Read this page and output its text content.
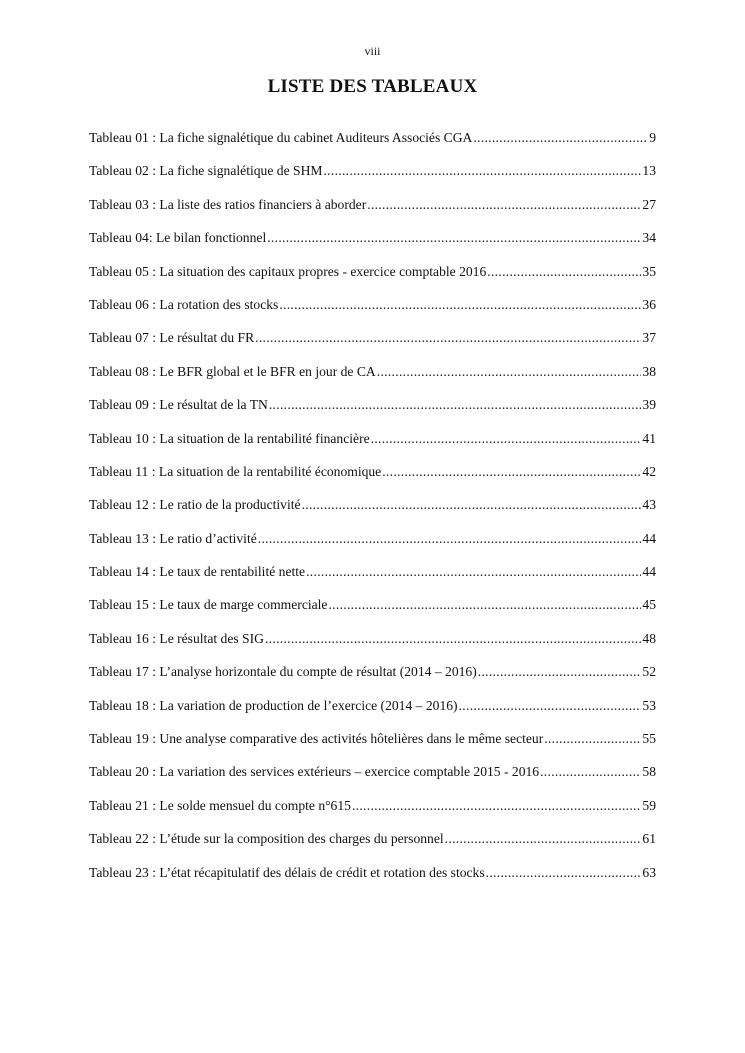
viii
LISTE DES TABLEAUX
Tableau 01 : La fiche signalétique du cabinet Auditeurs Associés CGA .....	9
Tableau 02 : La fiche signalétique de SHM .....	13
Tableau 03 : La liste des ratios financiers à aborder .....	27
Tableau 04: Le bilan fonctionnel .....	34
Tableau 05 : La situation des capitaux propres - exercice comptable 2016 .....	35
Tableau 06 : La rotation des stocks .....	36
Tableau 07 : Le résultat du FR .....	37
Tableau 08 : Le BFR global et le BFR en jour de CA .....	38
Tableau 09 : Le résultat de la TN .....	39
Tableau 10 : La situation de la rentabilité financière .....	41
Tableau 11 : La situation de la rentabilité économique .....	42
Tableau 12 : Le ratio de la productivité .....	43
Tableau 13 : Le ratio d’activité .....	44
Tableau 14 : Le taux de rentabilité nette .....	44
Tableau 15 : Le taux de marge commerciale .....	45
Tableau 16 : Le résultat des SIG .....	48
Tableau 17 : L’analyse horizontale du compte de résultat (2014 – 2016) .....	52
Tableau 18 : La variation de production de l’exercice (2014 – 2016) .....	53
Tableau 19 : Une analyse comparative des activités hôtelières dans le même secteur .....	55
Tableau 20 : La variation des services extérieurs – exercice comptable 2015 - 2016 .....	58
Tableau 21 : Le solde mensuel du compte n°615 .....	59
Tableau 22 : L’étude sur la composition des charges du personnel .....	61
Tableau 23 : L’état récapitulatif des délais de crédit et rotation des stocks .....	63
